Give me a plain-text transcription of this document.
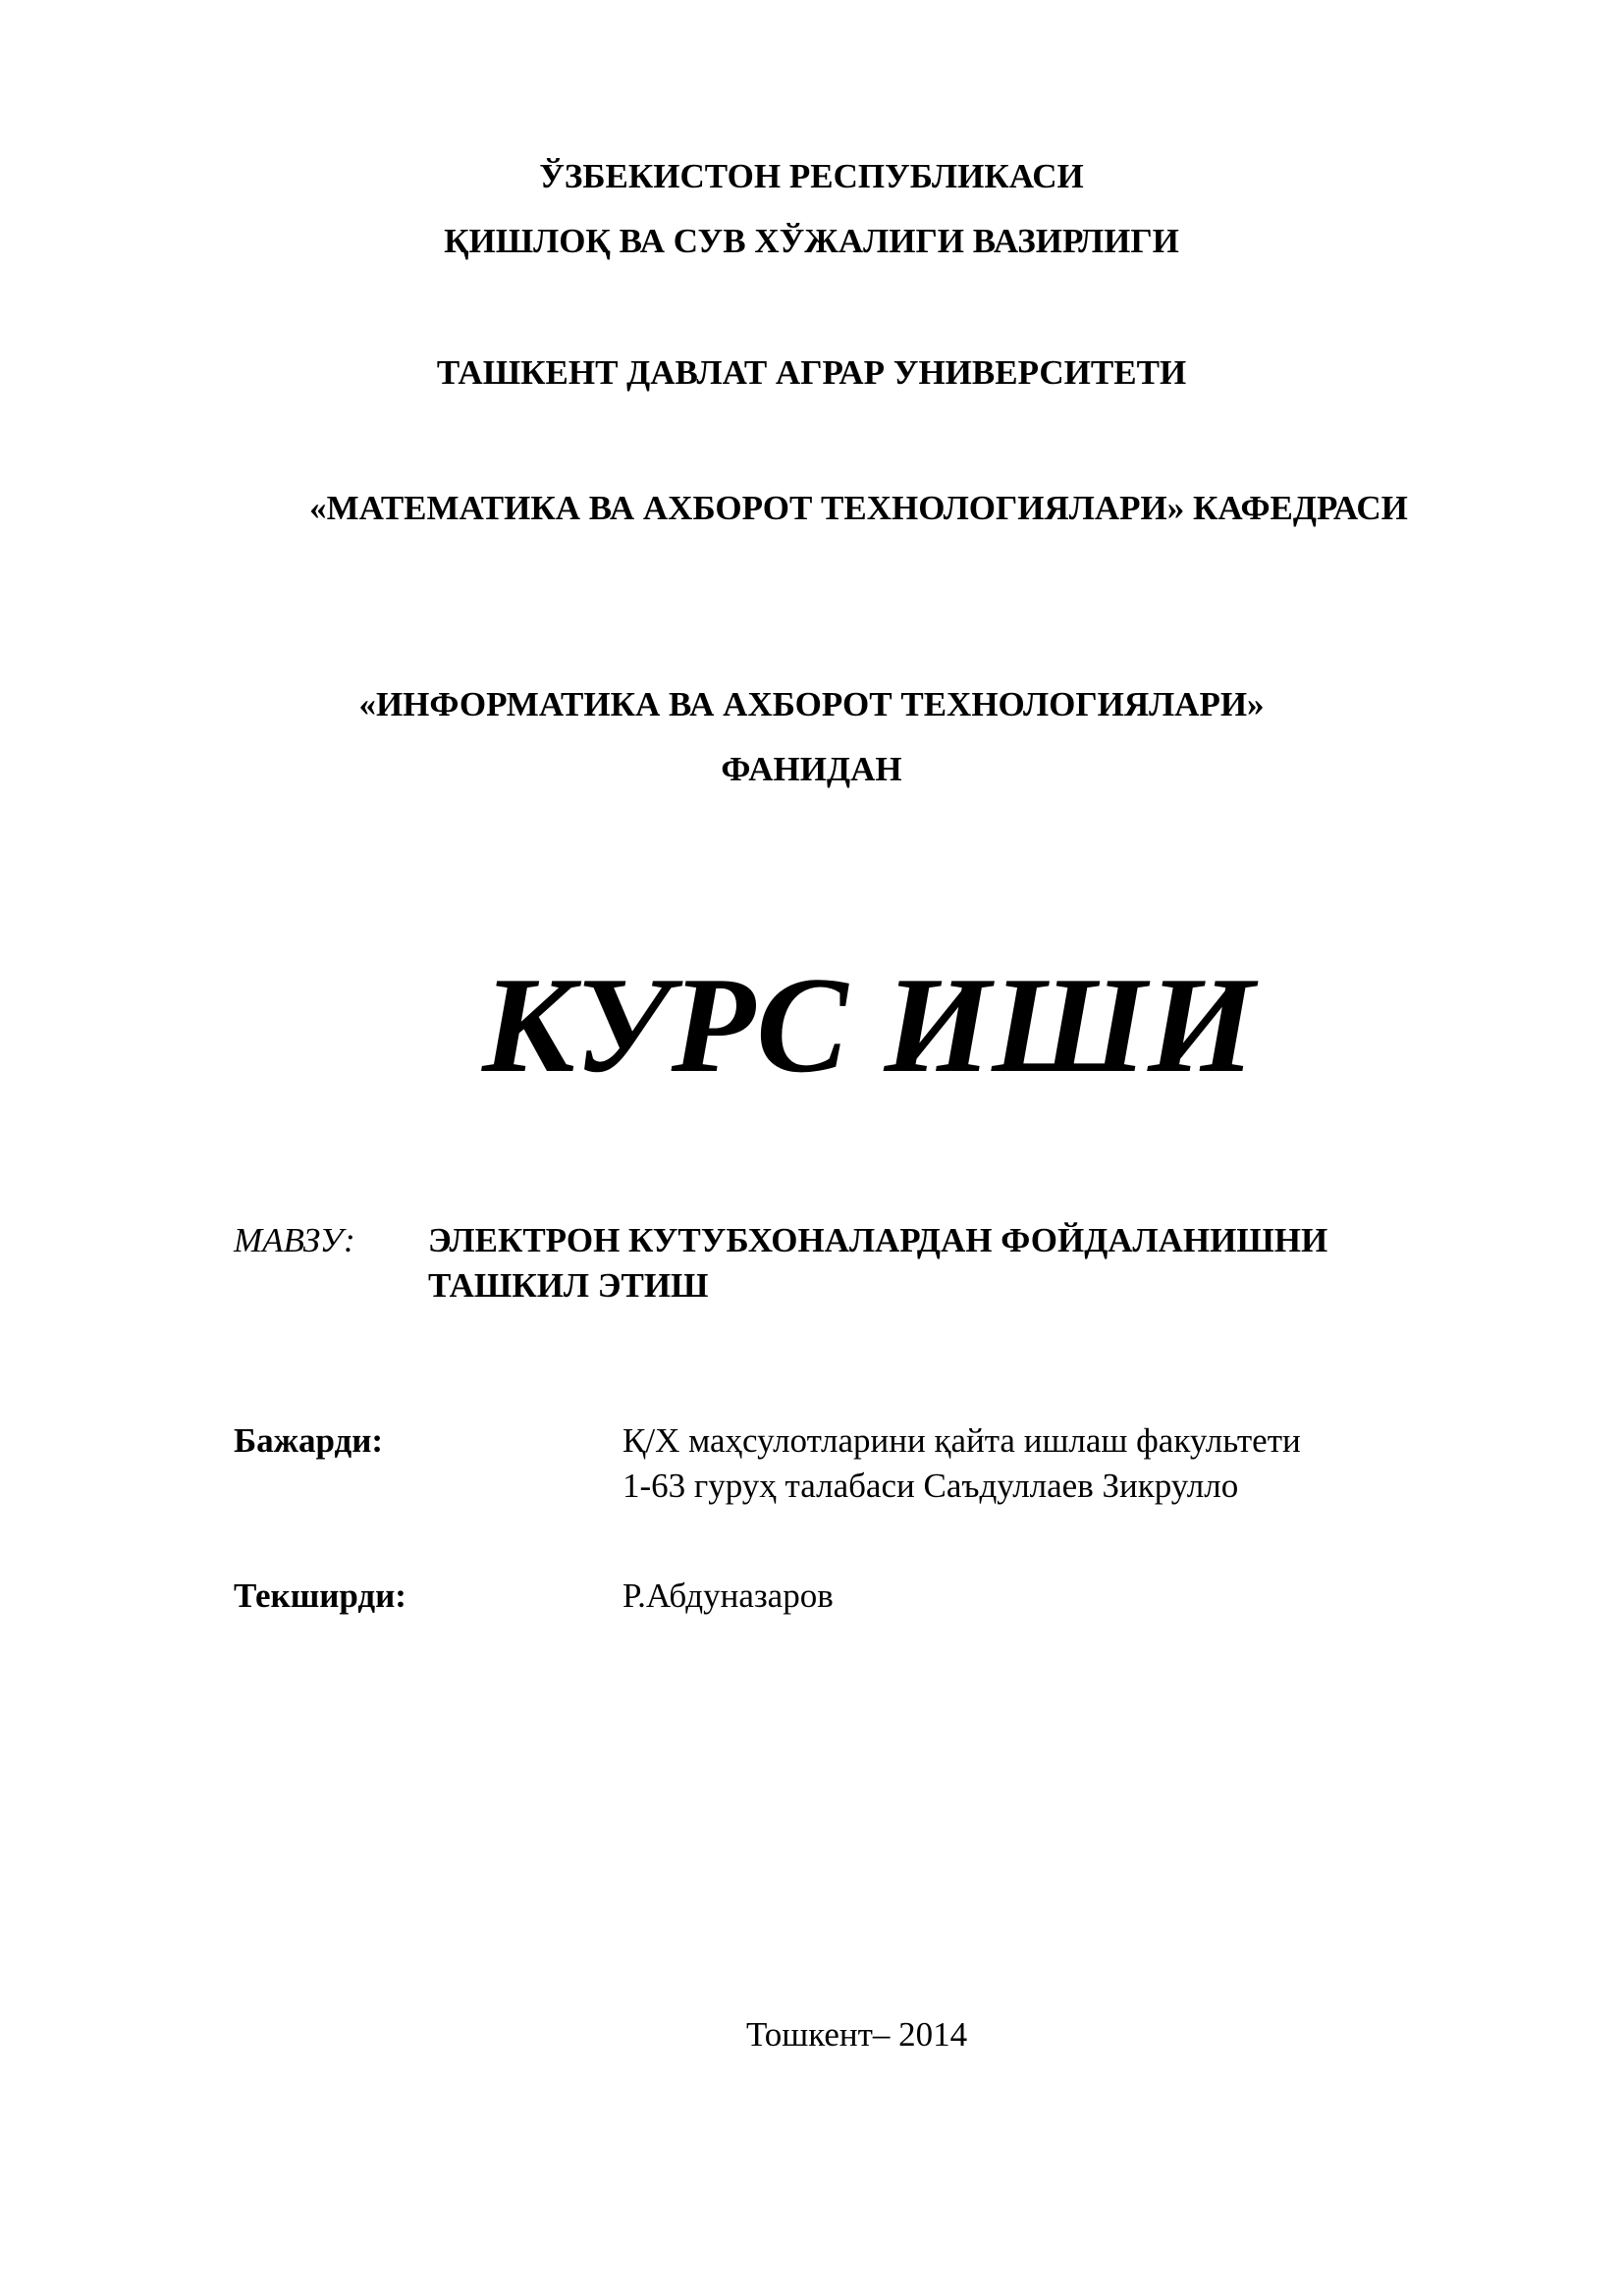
ЎЗБЕКИСТОН РЕСПУБЛИКАСИ
ҚИШЛОҚ ВА СУВ ХЎЖАЛИГИ ВАЗИРЛИГИ
ТАШКЕНТ ДАВЛАТ АГРАР УНИВЕРСИТЕТИ
«МАТЕМАТИКА ВА АХБОРОТ ТЕХНОЛОГИЯЛАРИ» КАФЕДРАСИ
«ИНФОРМАТИКА ВА АХБОРОТ ТЕХНОЛОГИЯЛАРИ»
ФАНИДАН
КУРС ИШИ
МАВЗУ: ЭЛЕКТРОН КУТУБХОНАЛАРДАН ФОЙДАЛАНИШНИ
ТАШКИЛ ЭТИШ
Бажарди:	Қ/Х маҳсулотларини қайта ишлаш факультети
1-63 гуруҳ талабаси Саъдуллаев Зикрулло
Текширди:	Р.Абдуназаров
Тошкент– 2014
